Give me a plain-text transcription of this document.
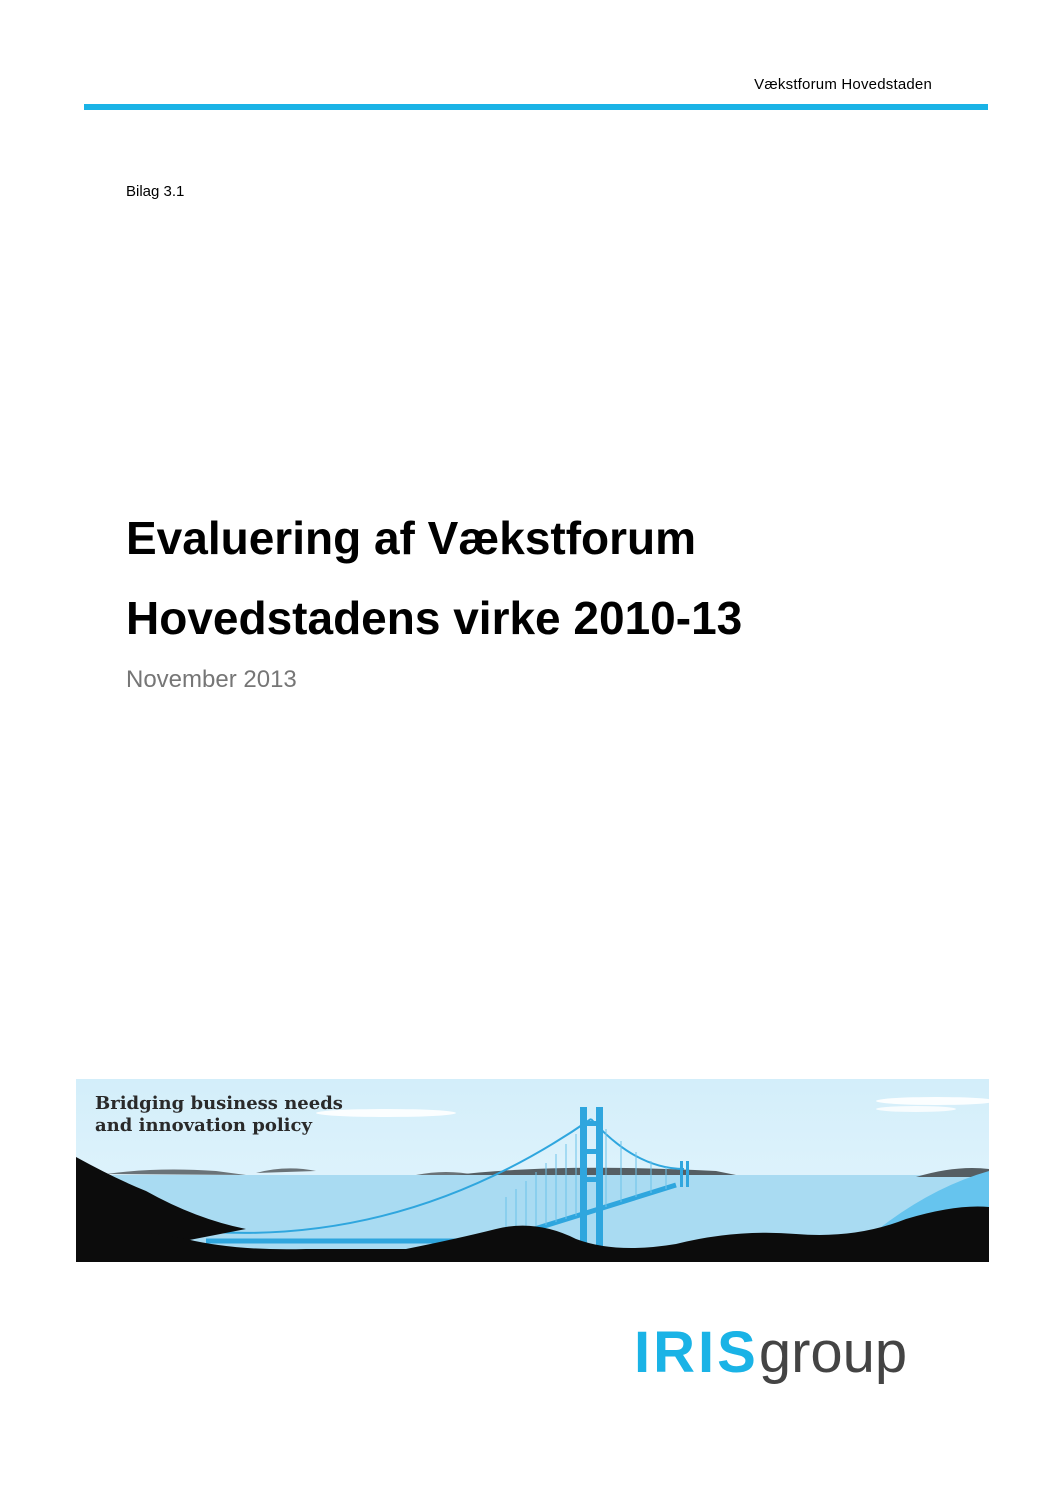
Vækstforum Hovedstaden
Bilag 3.1
Evaluering af Vækstforum
Hovedstadens virke 2010-13
November 2013
Bridging business needs
and innovation policy
IRISgroup
